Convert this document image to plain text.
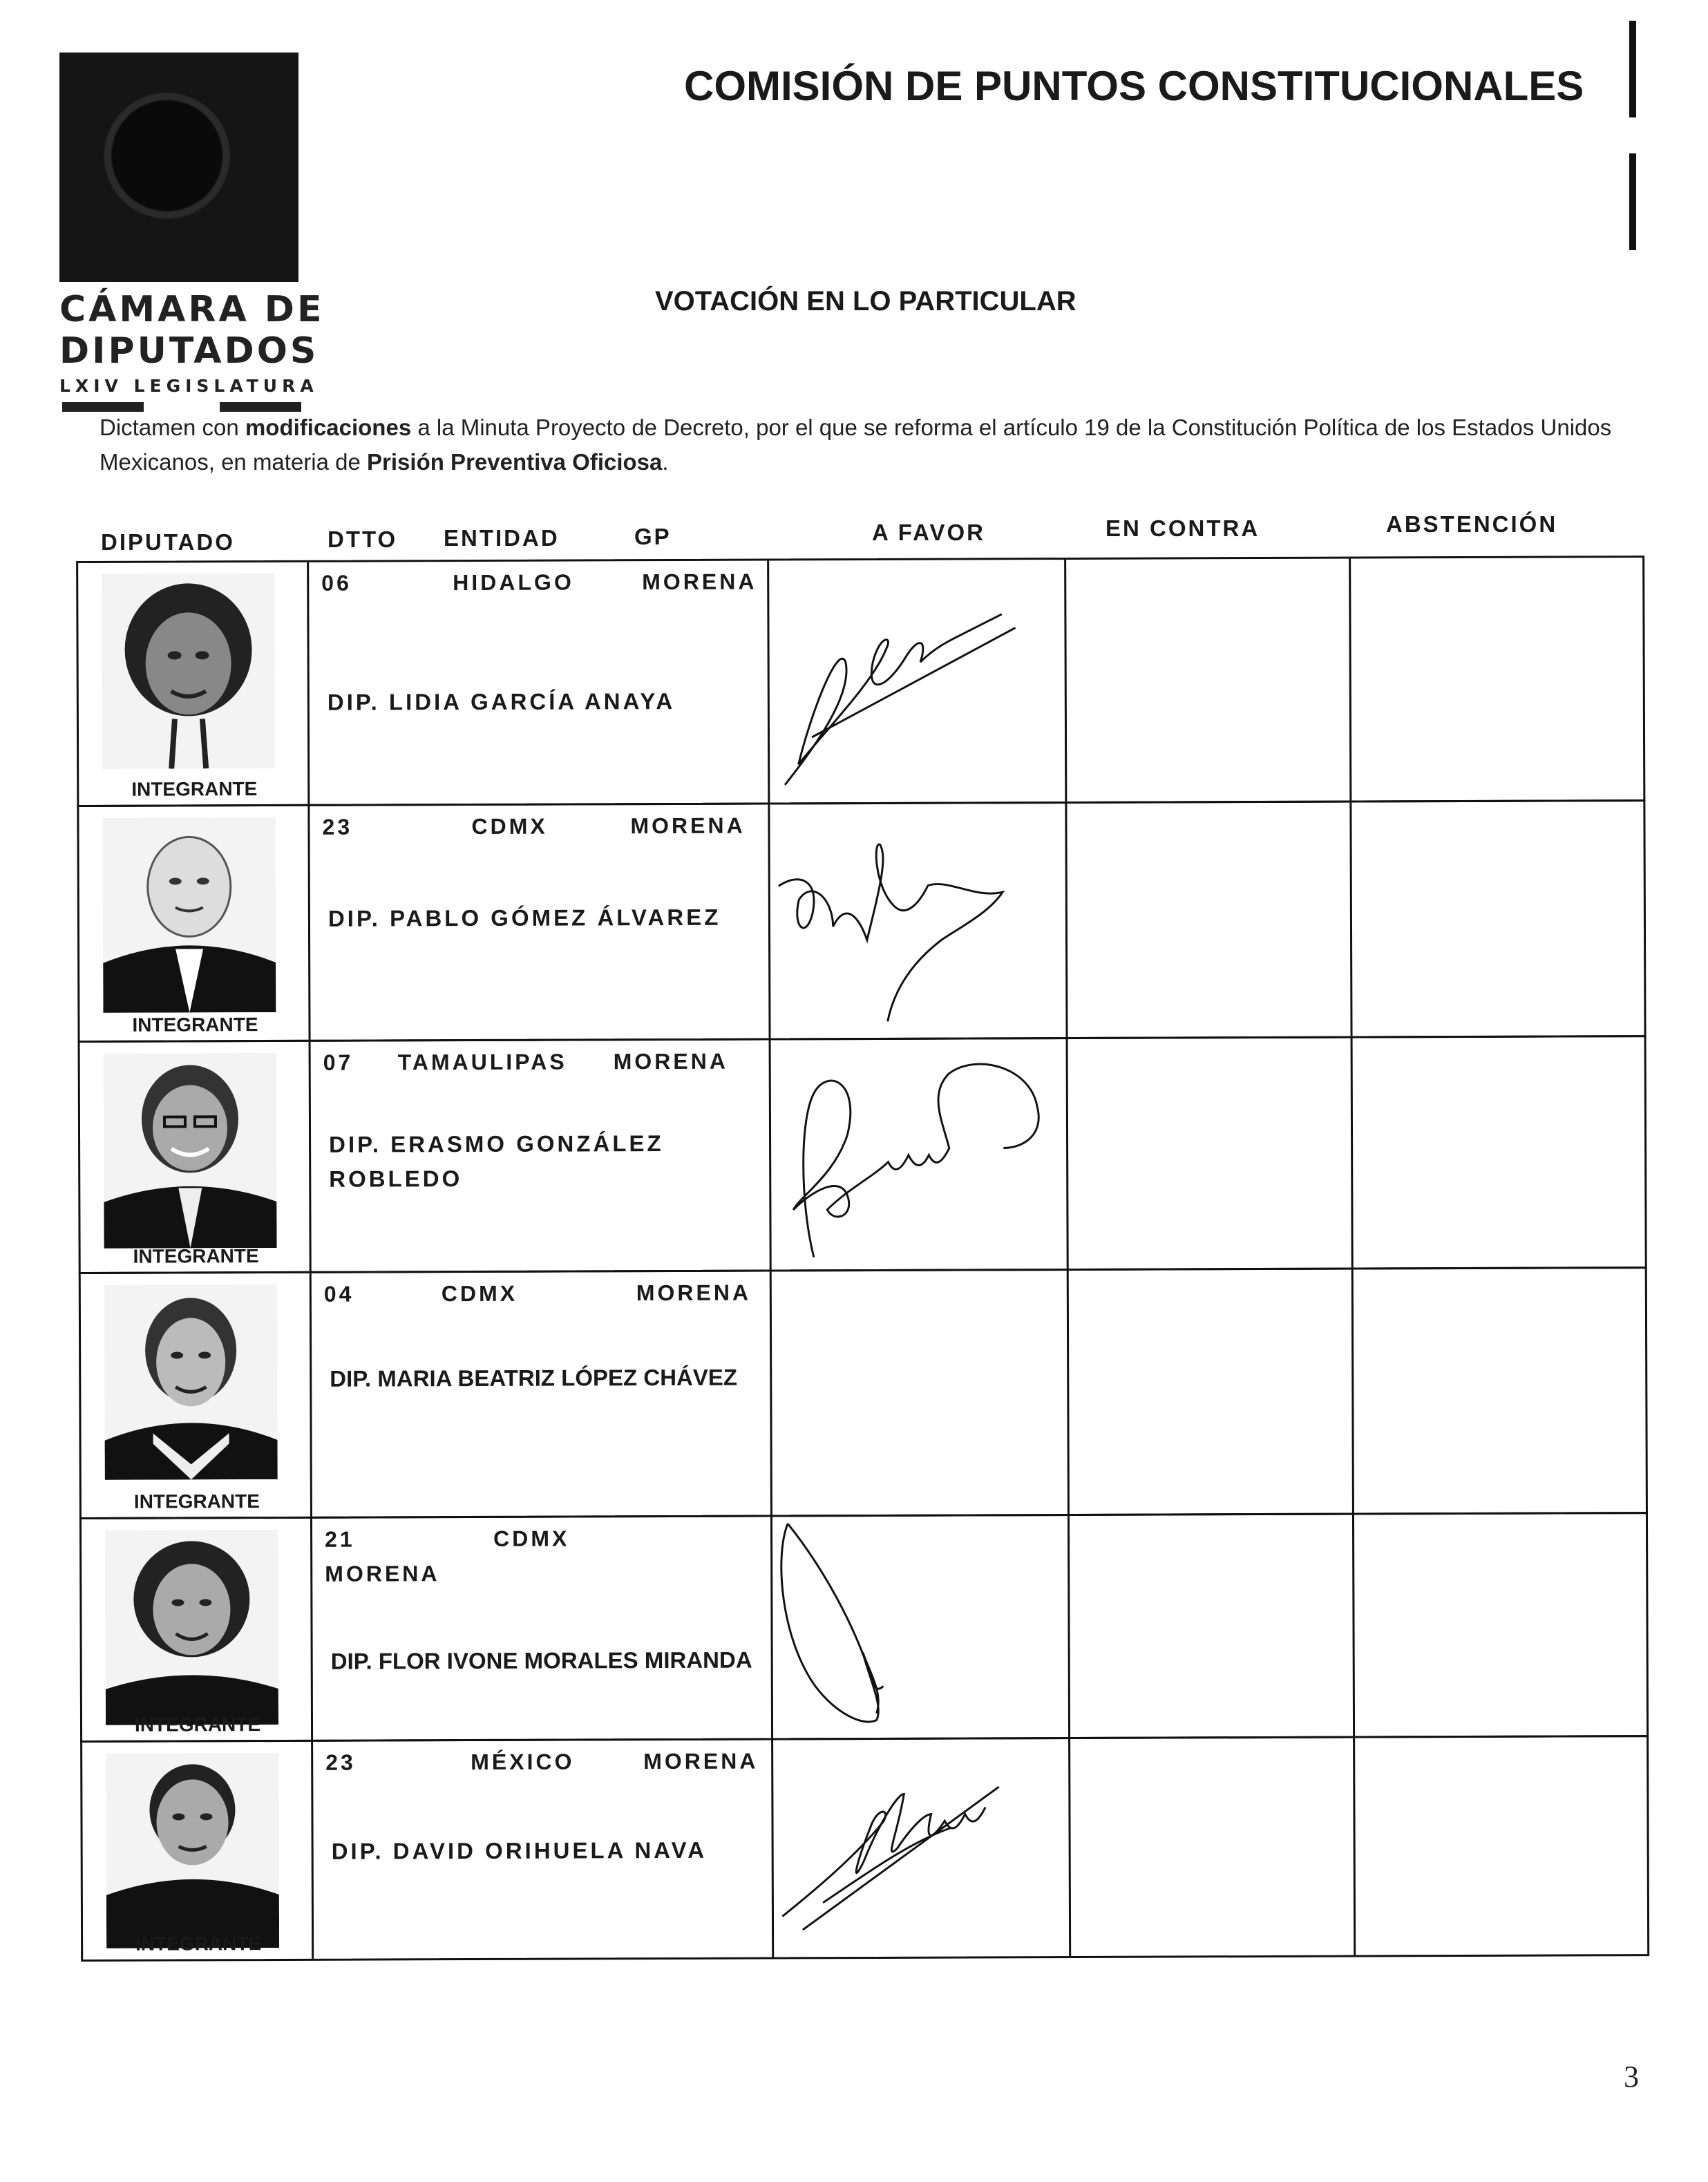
CÁMARA DE
DIPUTADOS
LXIV LEGISLATURA
COMISIÓN DE PUNTOS CONSTITUCIONALES
VOTACIÓN EN LO PARTICULAR
Dictamen con modificaciones a la Minuta Proyecto de Decreto, por el que se reforma el artículo 19 de la Constitución Política de los Estados Unidos Mexicanos, en materia de Prisión Preventiva Oficiosa.
DIPUTADO	DTTO ENTIDAD	GP	A FAVOR	EN CONTRA	ABSTENCIÓN
INTEGRANTE
06	HIDALGO	MORENA
DIP. LIDIA GARCÍA ANAYA
INTEGRANTE
23	CDMX	MORENA
DIP. PABLO GÓMEZ ÁLVAREZ
INTEGRANTE
07 TAMAULIPAS MORENA
DIP. ERASMO GONZÁLEZ
ROBLEDO
INTEGRANTE
04	CDMX	MORENA
DIP. MARIA BEATRIZ LÓPEZ CHÁVEZ
INTEGRANTE
21	CDMX
MORENA
DIP. FLOR IVONE MORALES MIRANDA
INTEGRANTE
23	MÉXICO	MORENA
DIP. DAVID ORIHUELA NAVA
3
